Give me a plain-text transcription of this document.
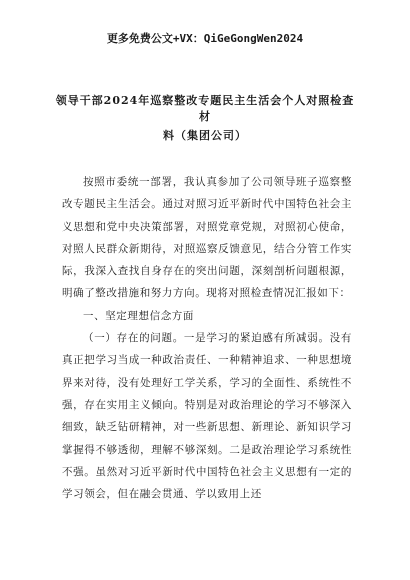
更多免费公文+VX：QiGeGongWen2024
领导干部2024年巡察整改专题民主生活会个人对照检查材
料（集团公司）

按照市委统一部署，我认真参加了公司领导班子巡察整改专题民主生活会。通过对照习近平新时代中国特色社会主义思想和党中央决策部署，对照党章党规，对照初心使命，对照人民群众新期待，对照巡察反馈意见，结合分管工作实际，我深入查找自身存在的突出问题，深刻剖析问题根源，明确了整改措施和努力方向。现将对照检查情况汇报如下：

一、坚定理想信念方面

（一）存在的问题。一是学习的紧迫感有所减弱。没有真正把学习当成一种政治责任、一种精神追求、一种思想境界来对待，没有处理好工学关系，学习的全面性、系统性不强，存在实用主义倾向。特别是对政治理论的学习不够深入细致，缺乏钻研精神，对一些新思想、新理论、新知识学习掌握得不够透彻，理解不够深刻。二是政治理论学习系统性不强。虽然对习近平新时代中国特色社会主义思想有一定的学习领会，但在融会贯通、学以致用上还
